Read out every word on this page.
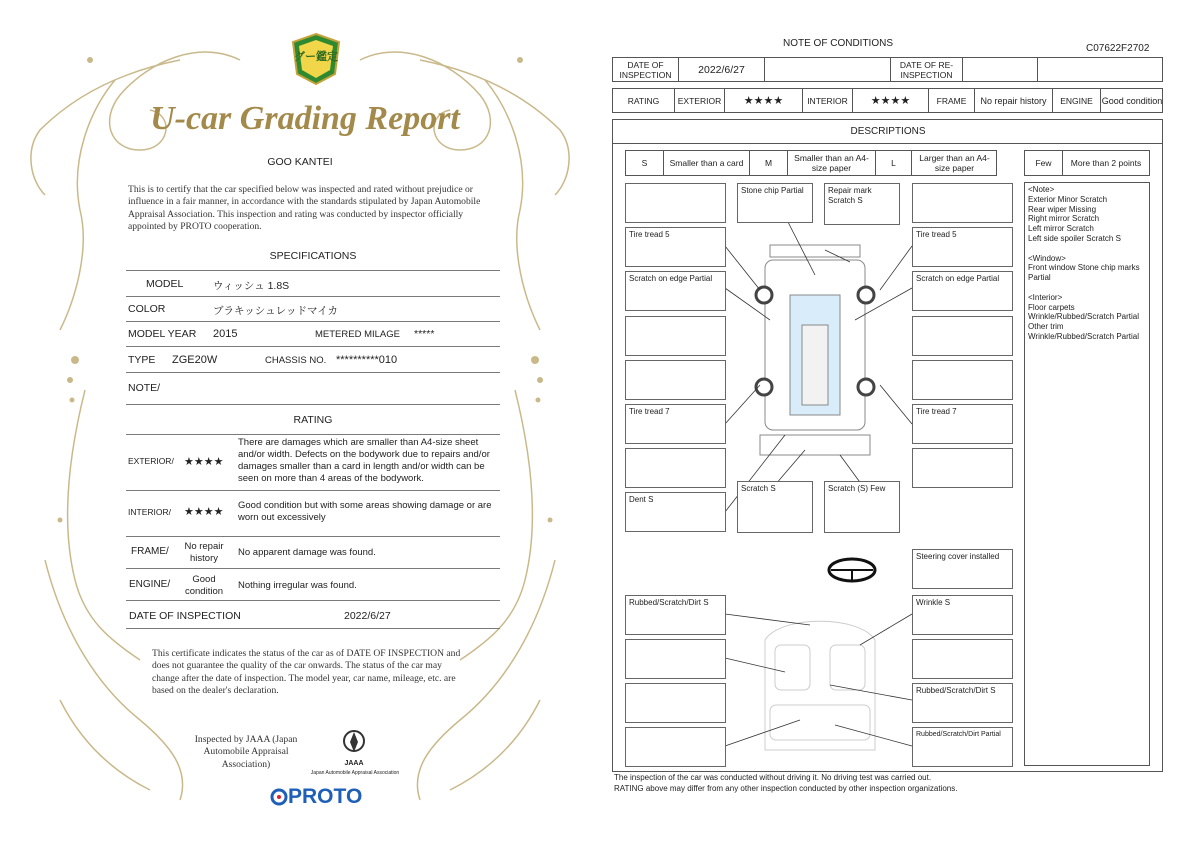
グー鑑定
U-car Grading Report
GOO KANTEI
This is to certify that the car specified below was inspected and rated without prejudice or influence in a fair manner, in accordance with the standards stipulated by Japan Automobile Appraisal Association. This inspection and rating was conducted by inspector officially appointed by PROTO cooperation.
SPECIFICATIONS
MODEL	ウィッシュ 1.8S
COLOR	ブラキッシュレッドマイカ
MODEL YEAR 2015	METERED MILAGE *****
TYPE ZGE20W	CHASSIS NO. **********010
NOTE/
RATING
EXTERIOR/ ★★★★
There are damages which are smaller than A4-size sheet and/or width. Defects on the bodywork due to repairs and/or damages smaller than a card in length and/or width can be seen on more than 4 areas of the bodywork.
INTERIOR/ ★★★★
Good condition but with some areas showing damage or are worn out excessively
FRAME/	No repair history
No apparent damage was found.
ENGINE/	Good condition
Nothing irregular was found.
DATE OF INSPECTION	2022/6/27
This certificate indicates the status of the car as of DATE OF INSPECTION and does not guarantee the quality of the car onwards. The status of the car may change after the date of inspection. The model year, car name, mileage, etc. are based on the dealer's declaration.
Inspected by JAAA (Japan Automobile Appraisal Association)	JAAA
Japan Automobile Appraisal Association
PROTO
NOTE OF CONDITIONS	C07622F2702
DATE OF INSPECTION	2022/6/27	DATE OF RE-INSPECTION
RATING	EXTERIOR	★★★★	INTERIOR	★★★★	FRAME	No repair history	ENGINE Good condition
DESCRIPTIONS
S	Smaller than a card	M	Smaller than an A4-size paper	L	Larger than an A4-size paper	Few	More than 2 points
Tire tread 5
Scratch on edge Partial
Tire tread 7
Dent S
Rubbed/Scratch/Dirt S
Stone chip Partial	Repair mark Scratch S
Scratch S	Scratch (S) Few
Tire tread 5
Scratch on edge Partial
Tire tread 7
Steering cover installed
Wrinkle S
Rubbed/Scratch/Dirt S
Rubbed/Scratch/Dirt Partial
<Note>
Exterior Minor Scratch
Rear wiper Missing
Right mirror Scratch
Left mirror Scratch
Left side spoiler Scratch S
<Window>
Front window Stone chip marks Partial
<Interior>
Floor carpets
Wrinkle/Rubbed/Scratch Partial
Other trim
Wrinkle/Rubbed/Scratch Partial
The inspection of the car was conducted without driving it. No driving test was carried out.
RATING above may differ from any other inspection conducted by other inspection organizations.
